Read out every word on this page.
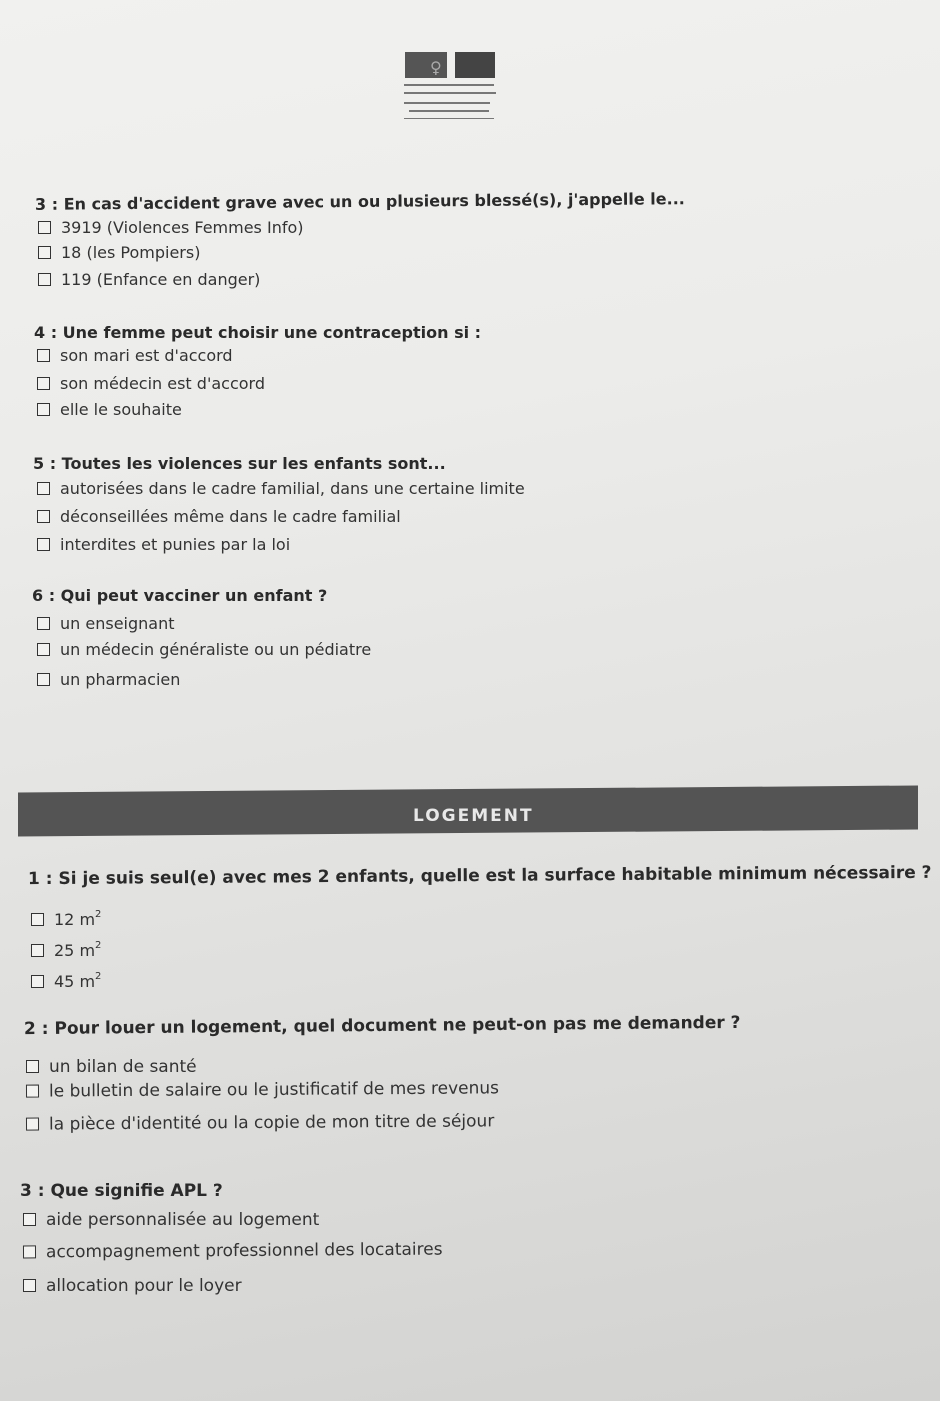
♀
3 : En cas d'accident grave avec un ou plusieurs blessé(s), j'appelle le...
3919 (Violences Femmes Info)
18 (les Pompiers)
119 (Enfance en danger)
4 : Une femme peut choisir une contraception si :
son mari est d'accord
son médecin est d'accord
elle le souhaite
5 : Toutes les violences sur les enfants sont...
autorisées dans le cadre familial, dans une certaine limite
déconseillées même dans le cadre familial
interdites et punies par la loi
6 : Qui peut vacciner un enfant ?
un enseignant
un médecin généraliste ou un pédiatre
un pharmacien
LOGEMENT
1 : Si je suis seul(e) avec mes 2 enfants, quelle est la surface habitable minimum nécessaire ?
12 $m^2$
25 $m^2$
45 $m^2$
2 : Pour louer un logement, quel document ne peut-on pas me demander ?
un bilan de santé
le bulletin de salaire ou le justificatif de mes revenus
la pièce d'identité ou la copie de mon titre de séjour
3 : Que signifie APL ?
aide personnalisée au logement
accompagnement professionnel des locataires
allocation pour le loyer
